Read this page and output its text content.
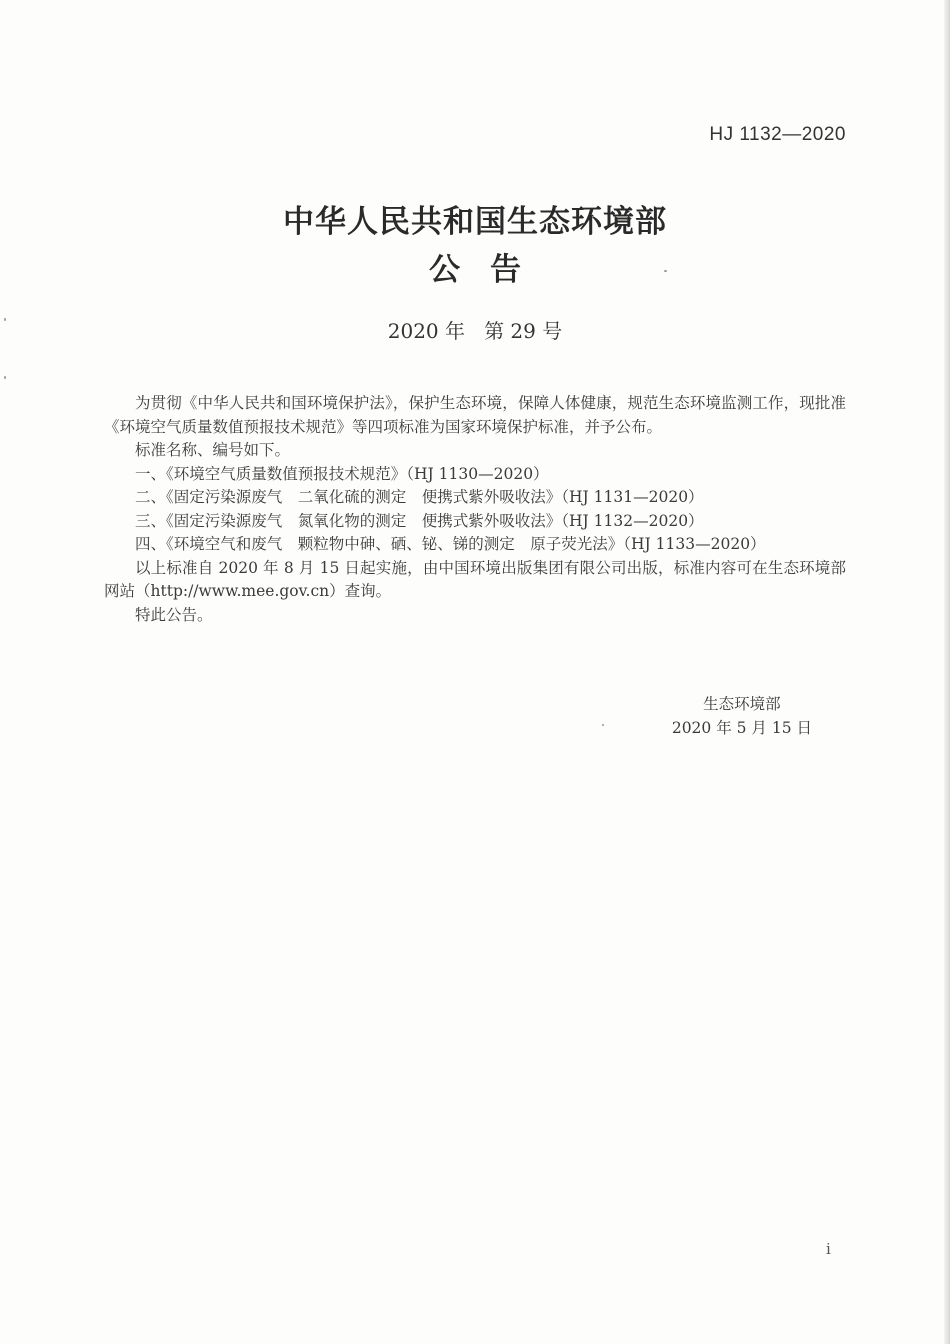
HJ 1132—2020
中华人民共和国生态环境部
公告
2020 年   第 29 号

为贯彻《中华人民共和国环境保护法》，保护生态环境，保障人体健康，规范生态环境监测工作，现批准《环境空气质量数值预报技术规范》等四项标准为国家环境保护标准，并予公布。

标准名称、编号如下。

一、《环境空气质量数值预报技术规范》（HJ 1130—2020）

二、《固定污染源废气　二氧化硫的测定　便携式紫外吸收法》（HJ 1131—2020）

三、《固定污染源废气　氮氧化物的测定　便携式紫外吸收法》（HJ 1132—2020）

四、《环境空气和废气　颗粒物中砷、硒、铋、锑的测定　原子荧光法》（HJ 1133—2020）

以上标准自 2020 年 8 月 15 日起实施，由中国环境出版集团有限公司出版，标准内容可在生态环境部网站（http://www.mee.gov.cn）查询。

特此公告。

生态环境部
2020 年 5 月 15 日
i
